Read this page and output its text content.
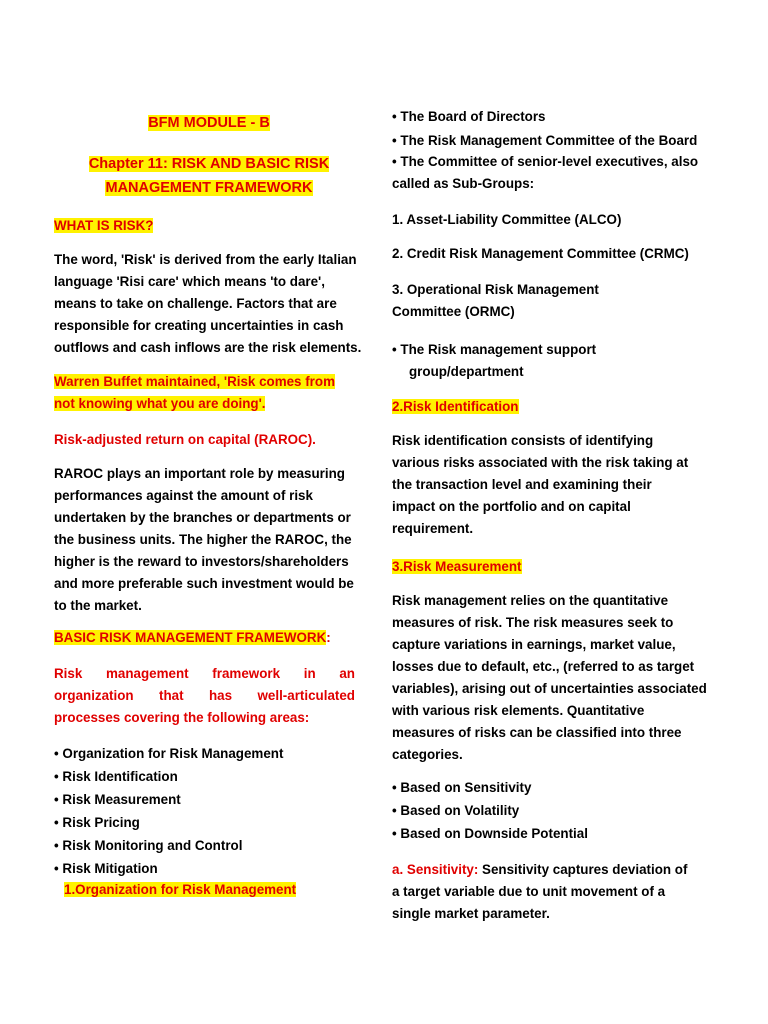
BFM MODULE - B
Chapter 11: RISK AND BASIC RISK
MANAGEMENT FRAMEWORK
WHAT IS RISK?
The word, 'Risk' is derived from the early Italian
language 'Risi care' which means 'to dare',
means to take on challenge. Factors that are
responsible for creating uncertainties in cash
outflows and cash inflows are the risk elements.
Warren Buffet maintained, 'Risk comes from
not knowing what you are doing'.
Risk-adjusted return on capital (RAROC).
RAROC plays an important role by measuring
performances against the amount of risk
undertaken by the branches or departments or
the business units. The higher the RAROC, the
higher is the reward to investors/shareholders
and more preferable such investment would be
to the market.
BASIC RISK MANAGEMENT FRAMEWORK:
Risk management framework in an
organization that has well-articulated
processes covering the following areas:
• Organization for Risk Management
• Risk Identification
• Risk Measurement
• Risk Pricing
• Risk Monitoring and Control
• Risk Mitigation
1.Organization for Risk Management
• The Board of Directors
• The Risk Management Committee of the Board
• The Committee of senior-level executives, also
called as Sub-Groups:
1. Asset-Liability Committee (ALCO)
2. Credit Risk Management Committee (CRMC)
3. Operational Risk Management
Committee (ORMC)
• The Risk management support
group/department
2.Risk Identification
Risk identification consists of identifying
various risks associated with the risk taking at
the transaction level and examining their
impact on the portfolio and on capital
requirement.
3.Risk Measurement
Risk management relies on the quantitative
measures of risk. The risk measures seek to
capture variations in earnings, market value,
losses due to default, etc., (referred to as target
variables), arising out of uncertainties associated
with various risk elements. Quantitative
measures of risks can be classified into three
categories.
• Based on Sensitivity
• Based on Volatility
• Based on Downside Potential
a. Sensitivity: Sensitivity captures deviation of
a target variable due to unit movement of a
single market parameter.
